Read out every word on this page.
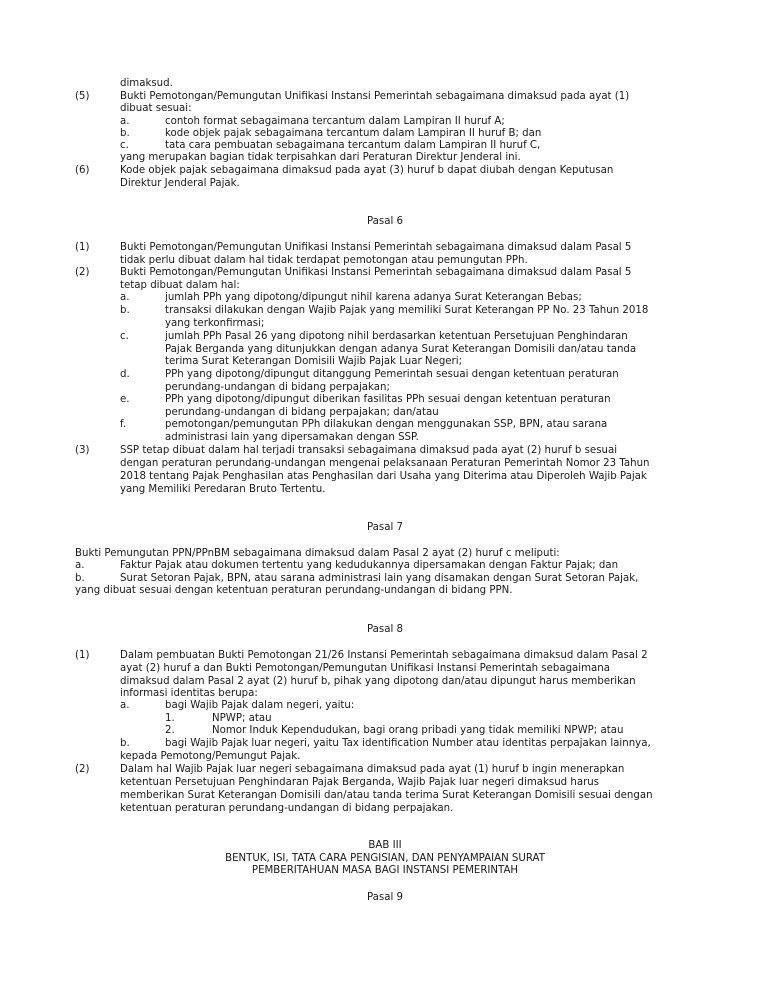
dimaksud.
(5)	Bukti Pemotongan/Pemungutan Unifikasi Instansi Pemerintah sebagaimana dimaksud pada ayat (1)
dibuat sesuai:
a.	contoh format sebagaimana tercantum dalam Lampiran II huruf A;
b.	kode objek pajak sebagaimana tercantum dalam Lampiran II huruf B; dan
c.	tata cara pembuatan sebagaimana tercantum dalam Lampiran II huruf C,
yang merupakan bagian tidak terpisahkan dari Peraturan Direktur Jenderal ini.
(6)	Kode objek pajak sebagaimana dimaksud pada ayat (3) huruf b dapat diubah dengan Keputusan
Direktur Jenderal Pajak.
Pasal 6
(1)	Bukti Pemotongan/Pemungutan Unifikasi Instansi Pemerintah sebagaimana dimaksud dalam Pasal 5
tidak perlu dibuat dalam hal tidak terdapat pemotongan atau pemungutan PPh.
(2)	Bukti Pemotongan/Pemungutan Unifikasi Instansi Pemerintah sebagaimana dimaksud dalam Pasal 5
tetap dibuat dalam hal:
a.	jumlah PPh yang dipotong/dipungut nihil karena adanya Surat Keterangan Bebas;
b.	transaksi dilakukan dengan Wajib Pajak yang memiliki Surat Keterangan PP No. 23 Tahun 2018
yang terkonfirmasi;
c.	jumlah PPh Pasal 26 yang dipotong nihil berdasarkan ketentuan Persetujuan Penghindaran
Pajak Berganda yang ditunjukkan dengan adanya Surat Keterangan Domisili dan/atau tanda
terima Surat Keterangan Domisili Wajib Pajak Luar Negeri;
d.	PPh yang dipotong/dipungut ditanggung Pemerintah sesuai dengan ketentuan peraturan
perundang-undangan di bidang perpajakan;
e.	PPh yang dipotong/dipungut diberikan fasilitas PPh sesuai dengan ketentuan peraturan
perundang-undangan di bidang perpajakan; dan/atau
f.	pemotongan/pemungutan PPh dilakukan dengan menggunakan SSP, BPN, atau sarana
administrasi lain yang dipersamakan dengan SSP.
(3)	SSP tetap dibuat dalam hal terjadi transaksi sebagaimana dimaksud pada ayat (2) huruf b sesuai
dengan peraturan perundang-undangan mengenai pelaksanaan Peraturan Pemerintah Nomor 23 Tahun
2018 tentang Pajak Penghasilan atas Penghasilan dari Usaha yang Diterima atau Diperoleh Wajib Pajak
yang Memiliki Peredaran Bruto Tertentu.
Pasal 7
Bukti Pemungutan PPN/PPnBM sebagaimana dimaksud dalam Pasal 2 ayat (2) huruf c meliputi:
a.	Faktur Pajak atau dokumen tertentu yang kedudukannya dipersamakan dengan Faktur Pajak; dan
b.	Surat Setoran Pajak, BPN, atau sarana administrasi lain yang disamakan dengan Surat Setoran Pajak,
yang dibuat sesuai dengan ketentuan peraturan perundang-undangan di bidang PPN.
Pasal 8
(1)	Dalam pembuatan Bukti Pemotongan 21/26 Instansi Pemerintah sebagaimana dimaksud dalam Pasal 2
ayat (2) huruf a dan Bukti Pemotongan/Pemungutan Unifikasi Instansi Pemerintah sebagaimana
dimaksud dalam Pasal 2 ayat (2) huruf b, pihak yang dipotong dan/atau dipungut harus memberikan
informasi identitas berupa:
a.	bagi Wajib Pajak dalam negeri, yaitu:
1.	NPWP; atau
2.	Nomor Induk Kependudukan, bagi orang pribadi yang tidak memiliki NPWP; atau
b.	bagi Wajib Pajak luar negeri, yaitu Tax identification Number atau identitas perpajakan lainnya,
kepada Pemotong/Pemungut Pajak.
(2)	Dalam hal Wajib Pajak luar negeri sebagaimana dimaksud pada ayat (1) huruf b ingin menerapkan
ketentuan Persetujuan Penghindaran Pajak Berganda, Wajib Pajak luar negeri dimaksud harus
memberikan Surat Keterangan Domisili dan/atau tanda terima Surat Keterangan Domisili sesuai dengan
ketentuan peraturan perundang-undangan di bidang perpajakan.
BAB III
BENTUK, ISI, TATA CARA PENGISIAN, DAN PENYAMPAIAN SURAT
PEMBERITAHUAN MASA BAGI INSTANSI PEMERINTAH
Pasal 9
